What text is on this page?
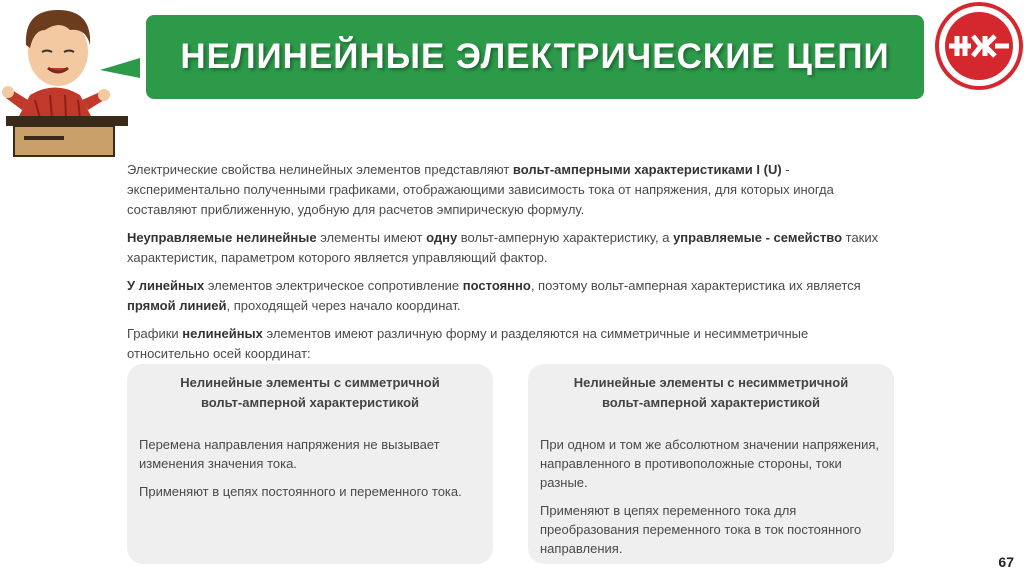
НЕЛИНЕЙНЫЕ ЭЛЕКТРИЧЕСКИЕ ЦЕПИ

Электрические свойства нелинейных элементов представляют вольт-амперными характеристиками I (U) - экспериментально полученными графиками, отображающими зависимость тока от напряжения, для которых иногда составляют приближенную, удобную для расчетов эмпирическую формулу.

Неуправляемые нелинейные элементы имеют одну вольт-амперную характеристику, а управляемые - семейство таких характеристик, параметром которого является управляющий фактор.

У линейных элементов электрическое сопротивление постоянно, поэтому вольт-амперная характеристика их является прямой линией, проходящей через начало координат.

Графики нелинейных элементов имеют различную форму и разделяются на симметричные и несимметричные относительно осей координат:

Нелинейные элементы с симметричной
вольт-амперной характеристикой

Перемена направления напряжения не вызывает изменения значения тока.

Применяют в цепях постоянного и переменного тока.

Нелинейные элементы с несимметричной
вольт-амперной характеристикой

При одном и том же абсолютном значении напряжения, направленного в противоположные стороны, токи разные.

Применяют в цепях переменного тока для преобразования переменного тока в ток постоянного направления.

67
